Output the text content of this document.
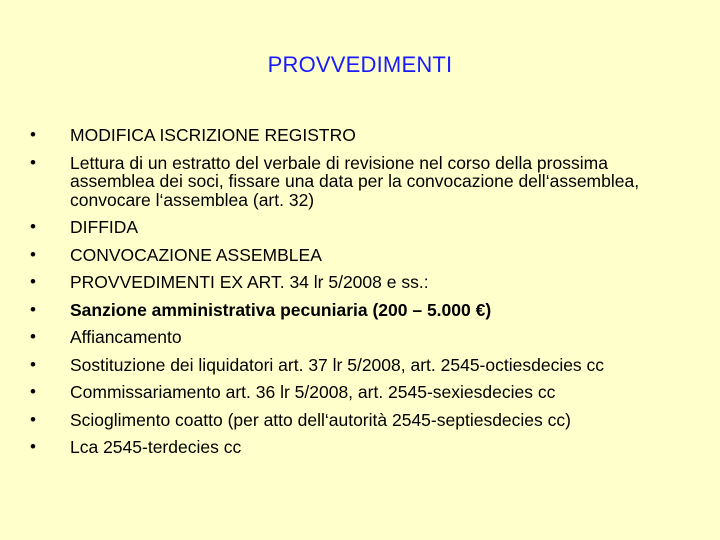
PROVVEDIMENTI
•	MODIFICA ISCRIZIONE REGISTRO
•	Lettura di un estratto del verbale di revisione nel corso della prossima assemblea dei soci, fissare una data per la convocazione dell‘assemblea, convocare l‘assemblea (art. 32)
•	DIFFIDA
•	CONVOCAZIONE ASSEMBLEA
•	PROVVEDIMENTI EX ART. 34 lr 5/2008 e ss.:
•	Sanzione amministrativa pecuniaria (200 – 5.000 €)
•	Affiancamento
•	Sostituzione dei liquidatori art. 37 lr 5/2008, art. 2545-octiesdecies cc
•	Commissariamento art. 36 lr 5/2008, art. 2545-sexiesdecies cc
•	Scioglimento coatto (per atto dell‘autorità 2545-septiesdecies cc)
•	Lca 2545-terdecies cc
